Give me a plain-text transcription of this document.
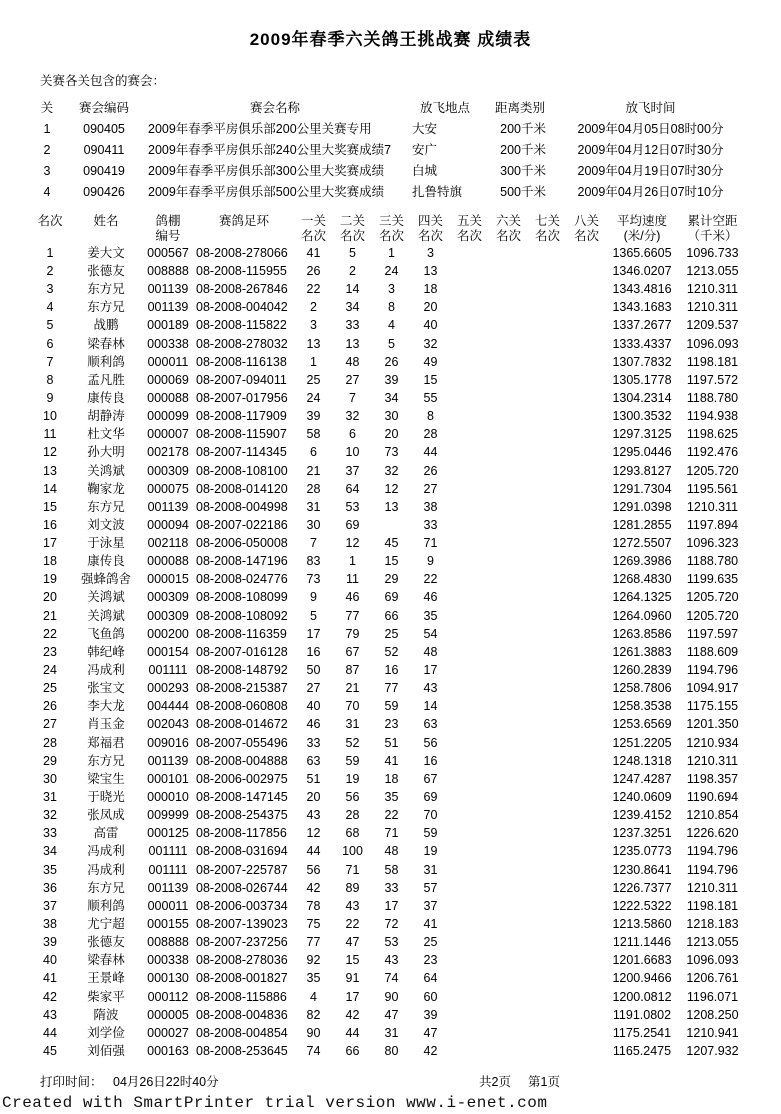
2009年春季六关鸽王挑战赛 成绩表
关赛各关包含的赛会：
关	赛会编码	赛会名称	放飞地点	距离类别	放飞时间
1	090405	2009年春季平房俱乐部200公里关赛专用	大安	200千米	2009年04月05日08时00分
2	090411	2009年春季平房俱乐部240公里大奖赛成绩7	安广	200千米	2009年04月12日07时30分
3	090419	2009年春季平房俱乐部300公里大奖赛成绩	白城	300千米	2009年04月19日07时30分
4	090426	2009年春季平房俱乐部500公里大奖赛成绩	扎鲁特旗	500千米	2009年04月26日07时10分
名次	姓名	鸽棚	赛鸽足环	一关	二关	三关	四关	五关	六关	七关	八关	平均速度	累计空距
		编号		名次	名次	名次	名次	名次	名次	名次	名次	(米/分)	（千米）
1	姜大文	000567	08-2008-278066	41	5	1	3					1365.6605	1096.733
2	张德友	008888	08-2008-115955	26	2	24	13					1346.0207	1213.055
3	东方兄	001139	08-2008-267846	22	14	3	18					1343.4816	1210.311
4	东方兄	001139	08-2008-004042	2	34	8	20					1343.1683	1210.311
5	战鹏	000189	08-2008-115822	3	33	4	40					1337.2677	1209.537
6	梁春林	000338	08-2008-278032	13	13	5	32					1333.4337	1096.093
7	顺利鸽	000011	08-2008-116138	1	48	26	49					1307.7832	1198.181
8	孟凡胜	000069	08-2007-094011	25	27	39	15					1305.1778	1197.572
9	康传良	000088	08-2007-017956	24	7	34	55					1304.2314	1188.780
10	胡静涛	000099	08-2008-117909	39	32	30	8					1300.3532	1194.938
11	杜文华	000007	08-2008-115907	58	6	20	28					1297.3125	1198.625
12	孙大明	002178	08-2007-114345	6	10	73	44					1295.0446	1192.476
13	关鸿斌	000309	08-2008-108100	21	37	32	26					1293.8127	1205.720
14	鞠家龙	000075	08-2008-014120	28	64	12	27					1291.7304	1195.561
15	东方兄	001139	08-2008-004998	31	53	13	38					1291.0398	1210.311
16	刘文波	000094	08-2007-022186	30	69		33					1281.2855	1197.894
17	于泳星	002118	08-2006-050008	7	12	45	71					1272.5507	1096.323
18	康传良	000088	08-2008-147196	83	1	15	9					1269.3986	1188.780
19	强蜂鸽舍	000015	08-2008-024776	73	11	29	22					1268.4830	1199.635
20	关鸿斌	000309	08-2008-108099	9	46	69	46					1264.1325	1205.720
21	关鸿斌	000309	08-2008-108092	5	77	66	35					1264.0960	1205.720
22	飞鱼鸽	000200	08-2008-116359	17	79	25	54					1263.8586	1197.597
23	韩纪峰	000154	08-2007-016128	16	67	52	48					1261.3883	1188.609
24	冯成利	001111	08-2008-148792	50	87	16	17					1260.2839	1194.796
25	张宝文	000293	08-2008-215387	27	21	77	43					1258.7806	1094.917
26	李大龙	004444	08-2008-060808	40	70	59	14					1258.3538	1175.155
27	肖玉金	002043	08-2008-014672	46	31	23	63					1253.6569	1201.350
28	郑福君	009016	08-2007-055496	33	52	51	56					1251.2205	1210.934
29	东方兄	001139	08-2008-004888	63	59	41	16					1248.1318	1210.311
30	梁宝生	000101	08-2006-002975	51	19	18	67					1247.4287	1198.357
31	于晓光	000010	08-2008-147145	20	56	35	69					1240.0609	1190.694
32	张凤成	009999	08-2008-254375	43	28	22	70					1239.4152	1210.854
33	高雷	000125	08-2008-117856	12	68	71	59					1237.3251	1226.620
34	冯成利	001111	08-2008-031694	44	100	48	19					1235.0773	1194.796
35	冯成利	001111	08-2007-225787	56	71	58	31					1230.8641	1194.796
36	东方兄	001139	08-2008-026744	42	89	33	57					1226.7377	1210.311
37	顺利鸽	000011	08-2006-003734	78	43	17	37					1222.5322	1198.181
38	尤宁超	000155	08-2007-139023	75	22	72	41					1213.5860	1218.183
39	张德友	008888	08-2007-237256	77	47	53	25					1211.1446	1213.055
40	梁春林	000338	08-2008-278036	92	15	43	23					1201.6683	1096.093
41	王景峰	000130	08-2008-001827	35	91	74	64					1200.9466	1206.761
42	柴家平	000112	08-2008-115886	4	17	90	60					1200.0812	1196.071
43	隋波	000005	08-2008-004836	82	42	47	39					1191.0802	1208.250
44	刘学俭	000027	08-2008-004854	90	44	31	47					1175.2541	1210.941
45	刘佰强	000163	08-2008-253645	74	66	80	42					1165.2475	1207.932
打印时间： 04月26日22时40分	共2页 第1页
Created with SmartPrinter trial version www.i-enet.com
